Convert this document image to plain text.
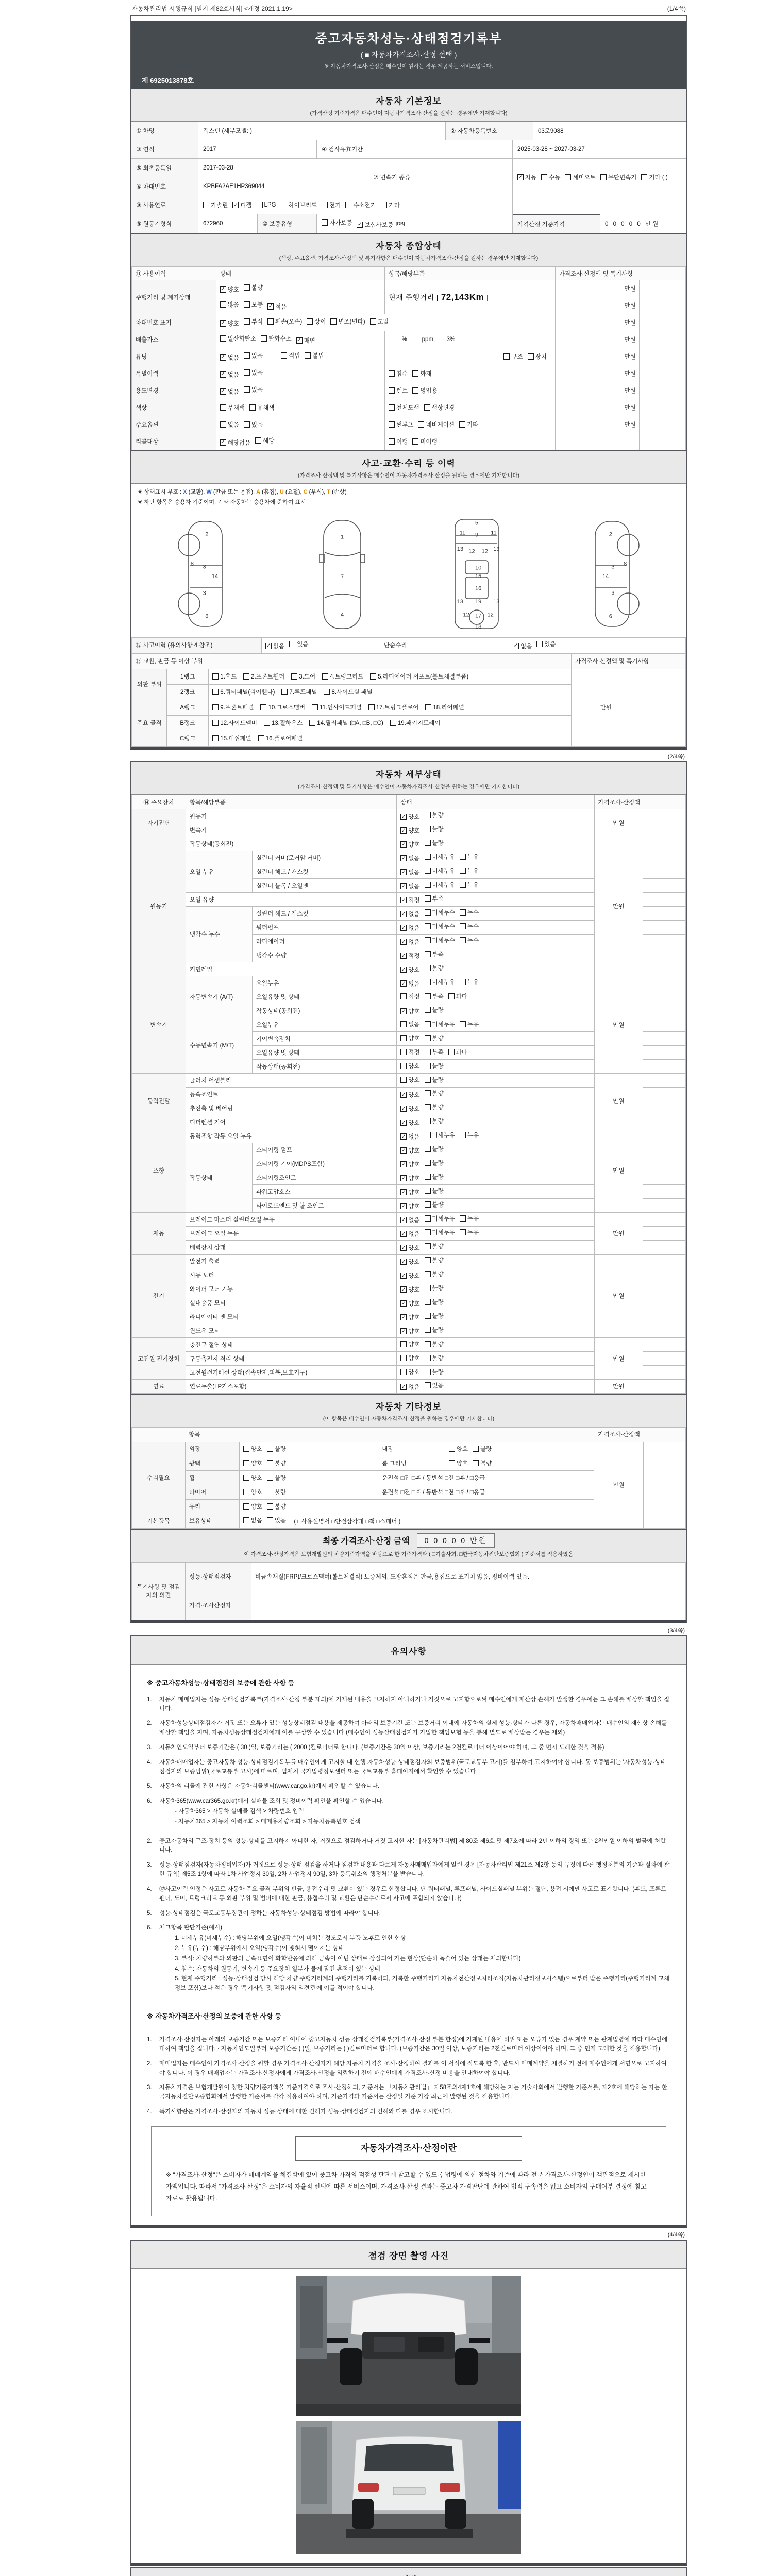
자동차관리법 시행규칙 [별지 제82호서식] <개정 2021.1.19>	(1/4쪽)
중고자동차성능·상태점검기록부
( ■ 자동차가격조사·산정 선택 )
※ 자동차가격조사·산정은 매수인이 원하는 경우 제공하는 서비스입니다.
제 6925013878호
자동차 기본정보
(가격산정 기준가격은 매수인이 자동차가격조사·산정을 원하는 경우에만 기재합니다)
① 차명	렉스턴 (세부모델: )	② 자동차등록번호	03로9088
③ 연식	2017	④ 검사유효기간	2025-03-28 ~ 2027-03-27
⑤ 최초등록일	2017-03-28
⑥ 차대번호	KPBFA2AE1HP369044
⑦ 변속기 종류	✓ 자동 수동 세미오토 무단변속기 기타 ( )
⑧ 사용연료	가솔린 ✓ 디젤 LPG 하이브리드 전기 수소전기 기타
⑨ 원동기형식	672960	⑩ 보증유형	자가보증 ✓ 보험사보증 [DB]	가격산정 기준가격	0 0 0 0 0 만원
자동차 종합상태
(색상, 주요옵션, 가격조사·산정액 및 특기사항은 매수인이 자동차가격조사·산정을 원하는 경우에만 기재합니다)
⑪ 사용이력	상태	항목/해당부품	가격조사·산정액 및 특기사항	
주행거리 및 계기상태	✓ 양호 불량	현재 주행거리 [ 72,143Km ]	만원	

	많음 보통 ✓ 적음		만원	
차대번호 표기	✓ 양호 부식 훼손(오손) 상이 변조(변타) 도말	만원	
배출가스	일산화탄소 탄화수소 ✓ 매연	%,        ppm,       3%	만원	
튜닝	✓ 없음 있음 적법 불법	구조 장치	만원	
특별이력	✓ 없음 있음	침수 화재	만원	
용도변경	✓ 없음 있음	렌트 영업용	만원	
색상	무채색 유채색	전체도색 색상변경	만원	
주요옵션	없음 있음	썬루프 네비게이션 기타	만원	
리콜대상	✓ 해당없음 해당	이행 미이행		

사고·교환·수리 등 이력
(가격조사·산정액 및 특기사항은 매수인이 자동차가격조사·산정을 원하는 경우에만 기재합니다)
※ 상태표시 부호 : X (교환), W (판금 또는 용접), A (흠집), U (요철), C (부식), T (손상)
※ 하단 항목은 승용차 기준이며, 기타 자동차는 승용차에 준하여 표시
2
8
3
14
3
6
1
7
4
5
11 9 11
13 12 12 13
10
15
16
13 19 13
12 17 12
18
2
8
3
14
3
6
⑫ 사고이력 (유의사항 4 참조)	✓ 없음 있음	단순수리	✓ 없음 있음
⑬ 교환, 판금 등 이상 부위			가격조사·산정액 및 특기사항	
외판 부위	1랭크	1.후드 2.프론트휀더 3.도어 4.트렁크리드 5.라디에이터 서포트(볼트체결부품)	만원	
	2랭크	6.쿼터패널(리어휀다) 7.루프패널 8.사이드실 패널		

주요 골격	A랭크	9.프론트패널 10.크로스멤버 11.인사이드패널 17.트렁크플로어 18.리어패널		

	B랭크	12.사이드멤버 13.휠하우스 14.필러패널 (□A, □B, □C) 19.패키지트레이		

	C랭크	15.대쉬패널 16.플로어패널		
(2/4쪽)
자동차 세부상태
(가격조사·산정액 및 특기사항은 매수인이 자동차가격조사·산정을 원하는 경우에만 기재합니다)
⑭ 주요장치	항목/해당부품		상태	가격조사·산정액	
자기진단	원동기		✓ 양호 불량	만원	
	변속기		✓ 양호 불량		

원동기	작동상태(공회전)		✓ 양호 불량	만원	
	오일 누유	실린더 커버(로커암 커버)	✓ 없음 미세누유 누유		

		실린더 헤드 / 개스킷	✓ 없음 미세누유 누유		

		실린더 블록 / 오일팬	✓ 없음 미세누유 누유		

	오일 유량		✓ 적정 부족		

	냉각수 누수	실린더 헤드 / 개스킷	✓ 없음 미세누수 누수		

		워터펌프	✓ 없음 미세누수 누수		

		라디에이터	✓ 없음 미세누수 누수		

		냉각수 수량	✓ 적정 부족		

	커먼레일		✓ 양호 불량		

변속기	자동변속기 (A/T)	오일누유	✓ 없음 미세누유 누유	만원	
		오일유량 및 상태	적정 부족 과다		

		작동상태(공회전)	✓ 양호 불량		

	수동변속기 (M/T)	오일누유	없음 미세누유 누유		

		기어변속장치	양호 불량		

		오일유량 및 상태	적정 부족 과다		

		작동상태(공회전)	양호 불량		

동력전달	클러치 어셈블리		양호 불량	만원	
	등속죠인트		✓ 양호 불량		

	추진축 및 베어링		✓ 양호 불량		

	디퍼렌셜 기어		✓ 양호 불량		

조향	동력조향 작동 오일 누유		✓ 없음 미세누유 누유	만원	
	작동상태	스티어링 펌프	✓ 양호 불량		

		스티어링 기어(MDPS포함)	✓ 양호 불량		

		스티어링조인트	✓ 양호 불량		

		파워고압호스	✓ 양호 불량		

		타이로드엔드 및 볼 조인트	✓ 양호 불량		

제동	브레이크 마스터 실린더오일 누유		✓ 없음 미세누유 누유	만원	
	브레이크 오일 누유		✓ 없음 미세누유 누유		

	배력장치 상태		✓ 양호 불량		

전기	발전기 출력		✓ 양호 불량	만원	
	시동 모터		✓ 양호 불량		

	와이퍼 모터 기능		✓ 양호 불량		

	실내송풍 모터		✓ 양호 불량		

	라디에이터 팬 모터		✓ 양호 불량		

	윈도우 모터		✓ 양호 불량		

고전원 전기장치	충전구 절연 상태		양호 불량	만원	
	구동축전지 격리 상태		양호 불량		

	고전원전기배선 상태(접속단자,피복,보호기구)		양호 불량		

연료	연료누출(LP가스포함)		✓ 없음 있음	만원	
자동차 기타정보
(이 항목은 매수인이 자동차가격조사·산정을 원하는 경우에만 기재합니다)
항목					가격조사·산정액	
수리필요	외장	양호 불량	내장	양호 불량	만원	
	광택	양호 불량	룸 크리닝	양호 불량		

	휠	양호 불량	운전석 □전 □후 / 동반석 □전 □후 / □응급			
	타이어	양호 불량	운전석 □전 □후 / 동반석 □전 □후 / □응급			
	유리	양호 불량				

기본품목	보유상태	없음 있음 ( □사용설명서 □안전삼각대 □잭 □스패너 )				
최종 가격조사·산정 금액	0 0 0 0 0 만원
이 가격조사·산정가격은 보험개발원의 차량기준가액을 바탕으로 한 기준가격과 ( □기술사회, □한국자동차진단보증협회 ) 기준서를 적용하였음
특기사항 및 점검자의 의견	성능·상태점검자	비금속재질(FRP)/크로스멤버(볼트체결식) 보증제외, 도장흔적은 판금,용접으로 표기치 않음, 정비이력 있음.
	가격·조사산정자	
(3/4쪽)
유의사항
※ 중고자동차성능·상태점검의 보증에 관한 사항 등
1.	자동차 매매업자는 성능·상태점검기록부(가격조사·산정 부분 제외)에 기재된 내용을 고지하지 아니하거나 거짓으로 고지함으로써 매수인에게 재산상 손해가 발생한 경우에는 그 손해를 배상할 책임을 집니다.
2.	자동차성능상태점검자가 거짓 또는 오류가 있는 성능상태점검 내용을 제공하여 아래의 보증기간 또는 보증거리 이내에 자동차의 실제 성능·상태가 다른 경우, 자동차매매업자는 매수인의 재산상 손해를 배상할 책임을 지며, 자동차성능상태점검자에게 이를 구상할 수 있습니다.(매수인이 성능상태점검자가 가입한 책임보험 등을 통해 별도로 배상받는 경우는 제외)
3.	자동차인도일부터 보증기간은 ( 30 )일, 보증거리는 ( 2000 )킬로미터로 합니다. (보증기간은 30일 이상, 보증거리는 2천킬로미터 이상이어야 하며, 그 중 먼저 도래한 것을 적용)
4.	자동차매매업자는 중고자동차 성능·상태점검기록부를 매수인에게 고지할 때 현행 자동차성능·상태점검자의 보증범위(국토교통부 고시)를 첨부하여 고지하여야 합니다. 동 보증범위는 '자동차성능·상태점검자의 보증범위'(국토교통부 고시)에 따르며, 법제처 국가법령정보센터 또는 국토교통부 홈페이지에서 확인할 수 있습니다.
5.	자동차의 리콜에 관한 사항은 자동차리콜센터(www.car.go.kr)에서 확인할 수 있습니다.
6.	자동차365(www.car365.go.kr)에서 실매물 조회 및 정비이력 확인을 확인할 수 있습니다.
- 자동차365 > 자동차 실매물 검색 > 차량번호 입력
- 자동차365 > 자동차 이력조회 > 매매용차량조회 > 자동차등록번호 검색
2.	중고자동차의 구조·장치 등의 성능·상태를 고지하지 아니한 자, 거짓으로 점검하거나 거짓 고지한 자는 [자동차관리법] 제 80조 제6호 및 제7호에 따라 2년 이하의 징역 또는 2천만원 이하의 벌금에 처합니다.
3.	성능·상태점검자(자동차정비업자)가 거짓으로 성능·상태 점검을 하거나 점검한 내용과 다르게 자동차매매업자에게 알린 경우 [자동차관리법 제21조 제2항 등의 규정에 따른 행정처분의 기준과 절차에 관한 규칙] 제5조 1항에 따라 1차 사업정지 30일, 2차 사업정지 90일, 3차 등록취소의 행정처분을 받습니다.
4.	⑫사고이력 인정은 사고로 자동차 주요 골격 부위의 판금, 용접수리 및 교환이 있는 경우로 한정합니다. 단 쿼터패널, 루프패널, 사이드실패널 부위는 절단, 용접 시에만 사고로 표기합니다. (후드, 프론트펜더, 도어, 트렁크리드 등 외판 부위 및 범퍼에 대한 판금, 용접수리 및 교환은 단순수리로서 사고에 포함되지 않습니다)
5.	성능·상태점검은 국토교통부장관이 정하는 자동차성능·상태점검 방법에 따라야 합니다.
6.	체크항목 판단기준(예시)
1. 미세누유(미세누수) : 해당부위에 오일(냉각수)이 비치는 정도로서 부품 노후로 인한 현상
2. 누유(누수) : 해당부위에서 오일(냉각수)이 맺혀서 떨어지는 상태
3. 부식: 차량하부와 외판의 금속표면이 화학반응에 의해 금속이 아닌 상태로 상실되어 가는 현상(단순히 녹슬어 있는 상태는 제외합니다)
4. 침수: 자동차의 원동기, 변속기 등 주요장치 일부가 물에 잠긴 흔적이 있는 상태
5. 현재 주행거리 : 성능·상태점검 당시 해당 차량 주행거리계의 주행거리를 기록하되, 기록한 주행거리가 자동차전산정보처리조직(자동차관리정보시스템)으로부터 받은 주행거리(주행거리계 교체 정보 포함)보다 적은 경우 '특기사항 및 점검자의 의견'란에 이를 적어야 합니다.
※ 자동차가격조사·산정의 보증에 관한 사항 등
1.	가격조사·산정자는 아래의 보증기간 또는 보증거리 이내에 중고자동차 성능·상태점검기록부(가격조사·산정 부분 한정)에 기재된 내용에 허위 또는 오류가 있는 경우 계약 또는 관계법령에 따라 매수인에 대하여 책임을 집니다. · 자동차인도일부터 보증기간은 ( )일, 보증거리는 ( )킬로미터로 합니다. (보증기간은 30일 이상, 보증거리는 2천킬로미터 이상이어야 하며, 그 중 먼저 도래한 것을 적용합니다)
2.	매매업자는 매수인이 가격조사·산정을 원할 경우 가격조사·산정자가 해당 자동차 가격을 조사·산정하여 결과를 이 서식에 적도록 한 후, 반드시 매매계약을 체결하기 전에 매수인에게 서면으로 고지하여야 합니다. 이 경우 매매업자는 가격조사·산정자에게 가격조사·산정을 의뢰하기 전에 매수인에게 가격조사·산정 비용을 안내하여야 합니다.
3.	자동차가격은 보험개발원이 정한 차량기준가액을 기준가격으로 조사·산정하되, 기준서는 「자동차관리법」 제58조의4제1호에 해당하는 자는 기술사회에서 발행한 기준서를, 제2호에 해당하는 자는 한국자동차진단보증협회에서 발행한 기준서를 각각 적용하여야 하며, 기준가격과 기준서는 산정일 기준 가장 최근에 발행된 것을 적용합니다.
4.	특기사항란은 가격조사·산정자의 자동차 성능·상태에 대한 견해가 성능·상태점검자의 견해와 다를 경우 표시합니다.
자동차가격조사·산정이란
※ "가격조사·산정"은 소비자가 매매계약을 체결함에 있어 중고차 가격의 적절성 판단에 참고할 수 있도록 법령에 의한 절차와 기준에 따라 전문 가격조사·산정인이 객관적으로 제시한 가액입니다. 따라서 "가격조사·산정"은 소비자의 자율적 선택에 따른 서비스이며, 가격조사·산정 결과는 중고차 가격판단에 관하여 법적 구속력은 없고 소비자의 구매여부 결정에 참고자료로 활용됩니다.
(4/4쪽)
점검 장면 촬영 사진
